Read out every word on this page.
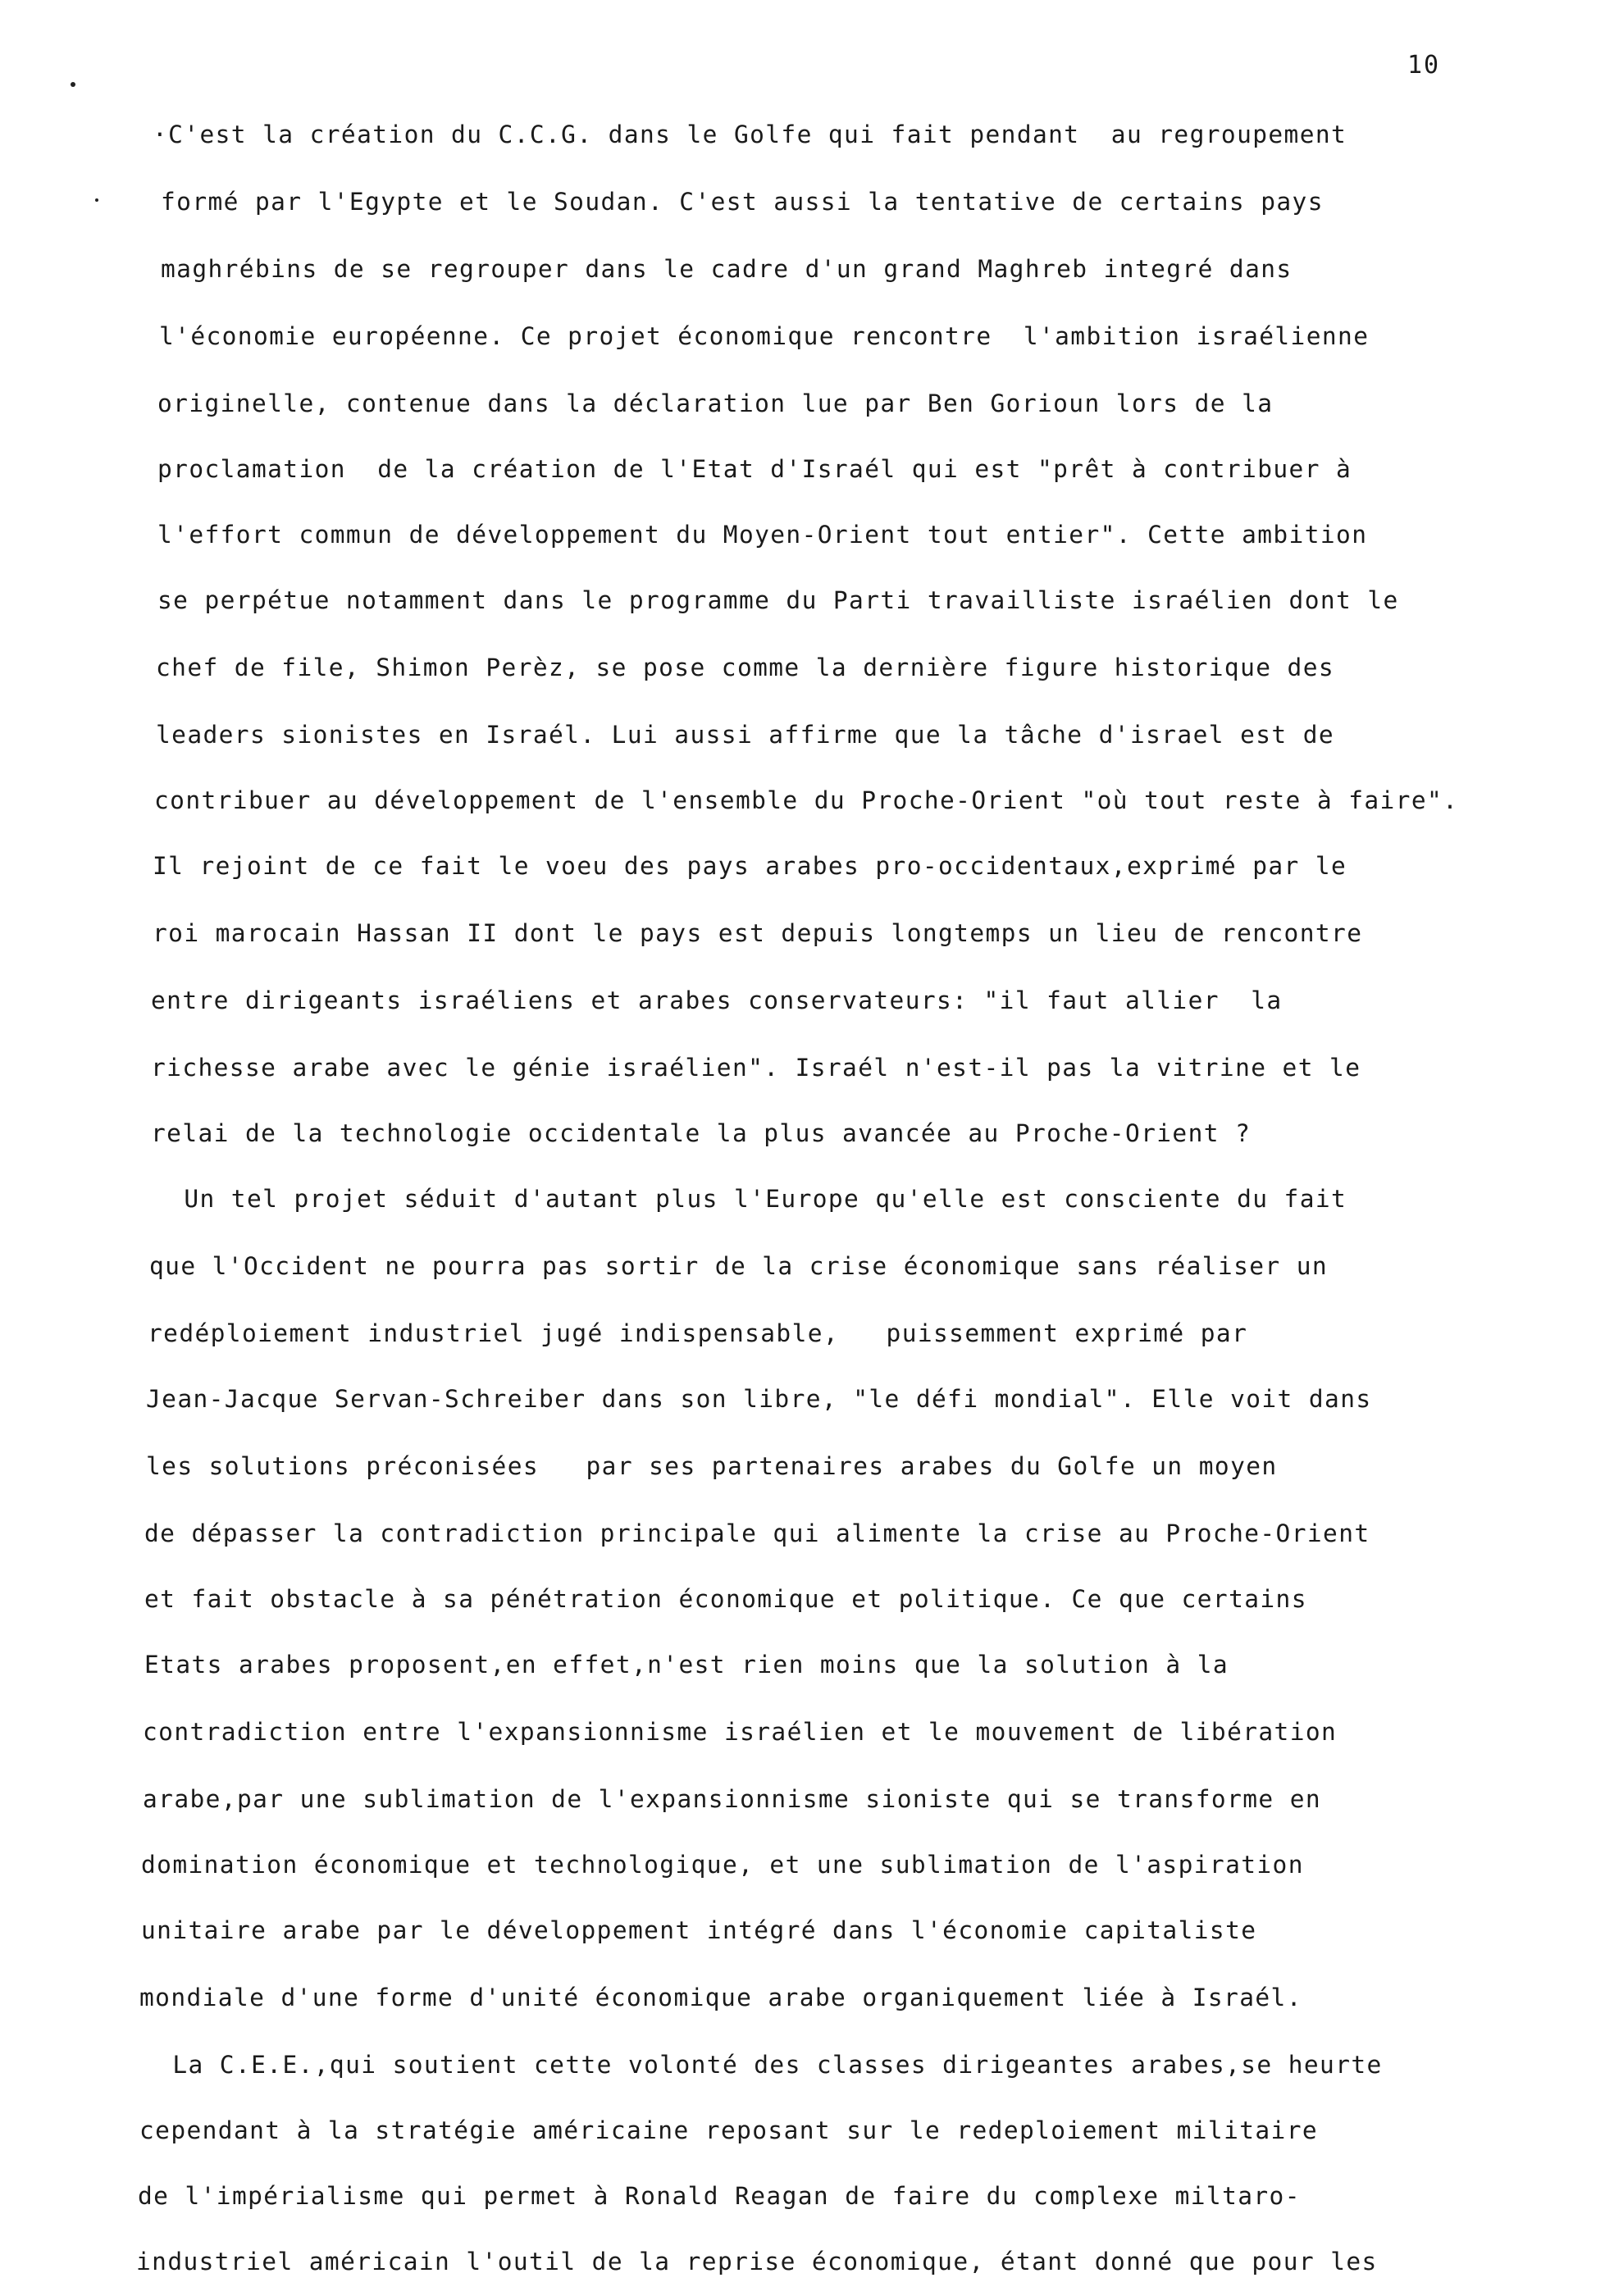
10
·C'est la création du C.C.G. dans le Golfe qui fait pendant  au regroupement
formé par l'Egypte et le Soudan. C'est aussi la tentative de certains pays
maghrébins de se regrouper dans le cadre d'un grand Maghreb integré dans
l'économie européenne. Ce projet économique rencontre  l'ambition israélienne
originelle, contenue dans la déclaration lue par Ben Gorioun lors de la
proclamation  de la création de l'Etat d'Israél qui est "prêt à contribuer à
l'effort commun de développement du Moyen-Orient tout entier". Cette ambition
se perpétue notamment dans le programme du Parti travailliste israélien dont le
chef de file, Shimon Perèz, se pose comme la dernière figure historique des
leaders sionistes en Israél. Lui aussi affirme que la tâche d'israel est de
contribuer au développement de l'ensemble du Proche-Orient "où tout reste à faire".
Il rejoint de ce fait le voeu des pays arabes pro-occidentaux,exprimé par le
roi marocain Hassan II dont le pays est depuis longtemps un lieu de rencontre
entre dirigeants israéliens et arabes conservateurs: "il faut allier  la
richesse arabe avec le génie israélien". Israél n'est-il pas la vitrine et le
relai de la technologie occidentale la plus avancée au Proche-Orient ?
Un tel projet séduit d'autant plus l'Europe qu'elle est consciente du fait
que l'Occident ne pourra pas sortir de la crise économique sans réaliser un
redéploiement industriel jugé indispensable,   puissemment exprimé par
Jean-Jacque Servan-Schreiber dans son libre, "le défi mondial". Elle voit dans
les solutions préconisées   par ses partenaires arabes du Golfe un moyen
de dépasser la contradiction principale qui alimente la crise au Proche-Orient
et fait obstacle à sa pénétration économique et politique. Ce que certains
Etats arabes proposent,en effet,n'est rien moins que la solution à la
contradiction entre l'expansionnisme israélien et le mouvement de libération
arabe,par une sublimation de l'expansionnisme sioniste qui se transforme en
domination économique et technologique, et une sublimation de l'aspiration
unitaire arabe par le développement intégré dans l'économie capitaliste
mondiale d'une forme d'unité économique arabe organiquement liée à Israél.
La C.E.E.,qui soutient cette volonté des classes dirigeantes arabes,se heurte
cependant à la stratégie américaine reposant sur le redeploiement militaire
de l'impérialisme qui permet à Ronald Reagan de faire du complexe miltaro-
industriel américain l'outil de la reprise économique, étant donné que pour les
